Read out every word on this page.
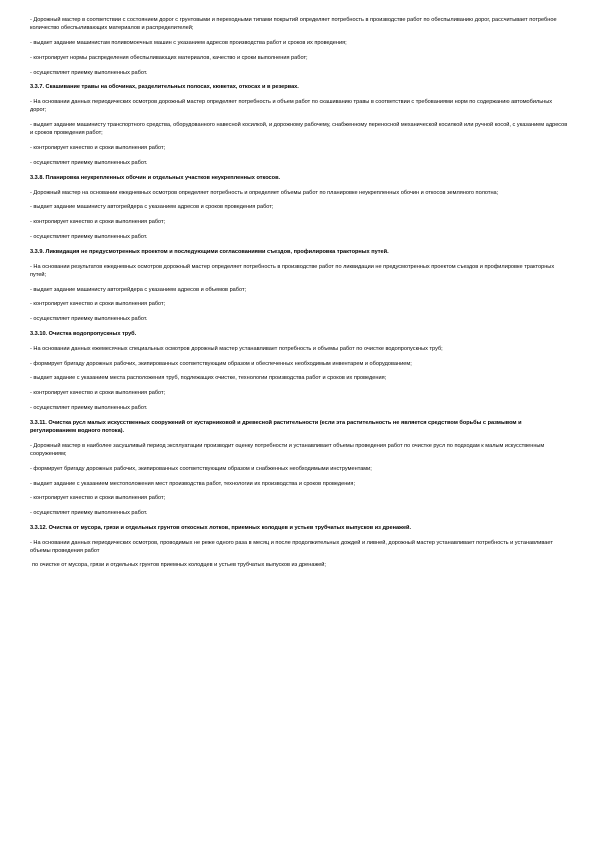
- Дорожный мастер в соответствии с состоянием дорог с грунтовыми и переходными типами покрытий определяет потребность в производстве работ по обеспыливанию дорог, рассчитывает потребное количество обеспыливающих материалов и распределителей;

- выдает задание машинистам поливомоечных машин с указанием адресов производства работ и сроков их проведения;

- контролирует нормы распределения обеспыливающих материалов, качество и сроки выполнения работ;

- осуществляет приемку выполненных работ.

3.3.7. Скашивание травы на обочинах, разделительных полосах, кюветах, откосах и в резервах.

- На основании данных периодических осмотров дорожный мастер определяет потребность и объем работ по скашиванию травы в соответствии с требованиями норм по содержанию автомобильных дорог;

- выдает задание машинисту транспортного средства, оборудованного навесной косилкой, и дорожному рабочему, снабженному переносной механической косилкой или ручной косой, с указанием адресов и сроков проведения работ;

- контролирует качество и сроки выполнения работ;

- осуществляет приемку выполненных работ.

3.3.8. Планировка неукрепленных обочин и отдельных участков неукрепленных откосов.

- Дорожный мастер на основании ежедневных осмотров определяет потребность и определяет объемы работ по планировке неукрепленных обочин и откосов земляного полотна;

- выдает задание машинисту автогрейдера с указанием адресов и сроков проведения работ;

- контролирует качество и сроки выполнения работ;

- осуществляет приемку выполненных работ.

3.3.9. Ликвидация не предусмотренных проектом и последующими согласованиями съездов, профилировка тракторных путей.

- На основании результатов ежедневных осмотров дорожный мастер определяет потребность в производстве работ по ликвидации не предусмотренных проектом съездов и профилировке тракторных путей;

- выдает задание машинисту автогрейдера с указанием адресов и объемов работ;

- контролирует качество и сроки выполнения работ;

- осуществляет приемку выполненных работ.

3.3.10. Очистка водопропускных труб.

- На основании данных ежемесячных специальных осмотров дорожный мастер устанавливает потребность и объемы работ по очистке водопропускных труб;

- формирует бригаду дорожных рабочих, экипированных соответствующим образом и обеспеченных необходимым инвентарем и оборудованием;

- выдает задание с указанием места расположения труб, подлежащих очистке, технологии производства работ и сроков их проведения;

- контролирует качество и сроки выполнения работ;

- осуществляет приемку выполненных работ.

3.3.11. Очистка русл малых искусственных сооружений от кустарниковой и древесной растительности (если эта растительность не является средством борьбы с размывом и регулированием водного потока).

- Дорожный мастер в наиболее засушливый период эксплуатации производит оценку потребности и устанавливает объемы проведения работ по очистке русл по подходам к малым искусственным сооружениям;

- формирует бригаду дорожных рабочих, экипированных соответствующим образом и снабженных необходимыми инструментами;

- выдает задание с указанием местоположения мест производства работ, технологии их производства и сроков проведения;

- контролирует качество и сроки выполнения работ;

- осуществляет приемку выполненных работ.

3.3.12. Очистка от мусора, грязи и отдельных грунтов откосных лотков, приемных колодцев и устьев трубчатых выпусков из дренажей.

- На основании данных периодических осмотров, проводимых не реже одного раза в месяц и после продолжительных дождей и ливней, дорожный мастер устанавливает потребность и устанавливает объемы проведения работ

по очистке от мусора, грязи и отдельных грунтов приемных колодцев и устьев трубчатых выпусков из дренажей;
